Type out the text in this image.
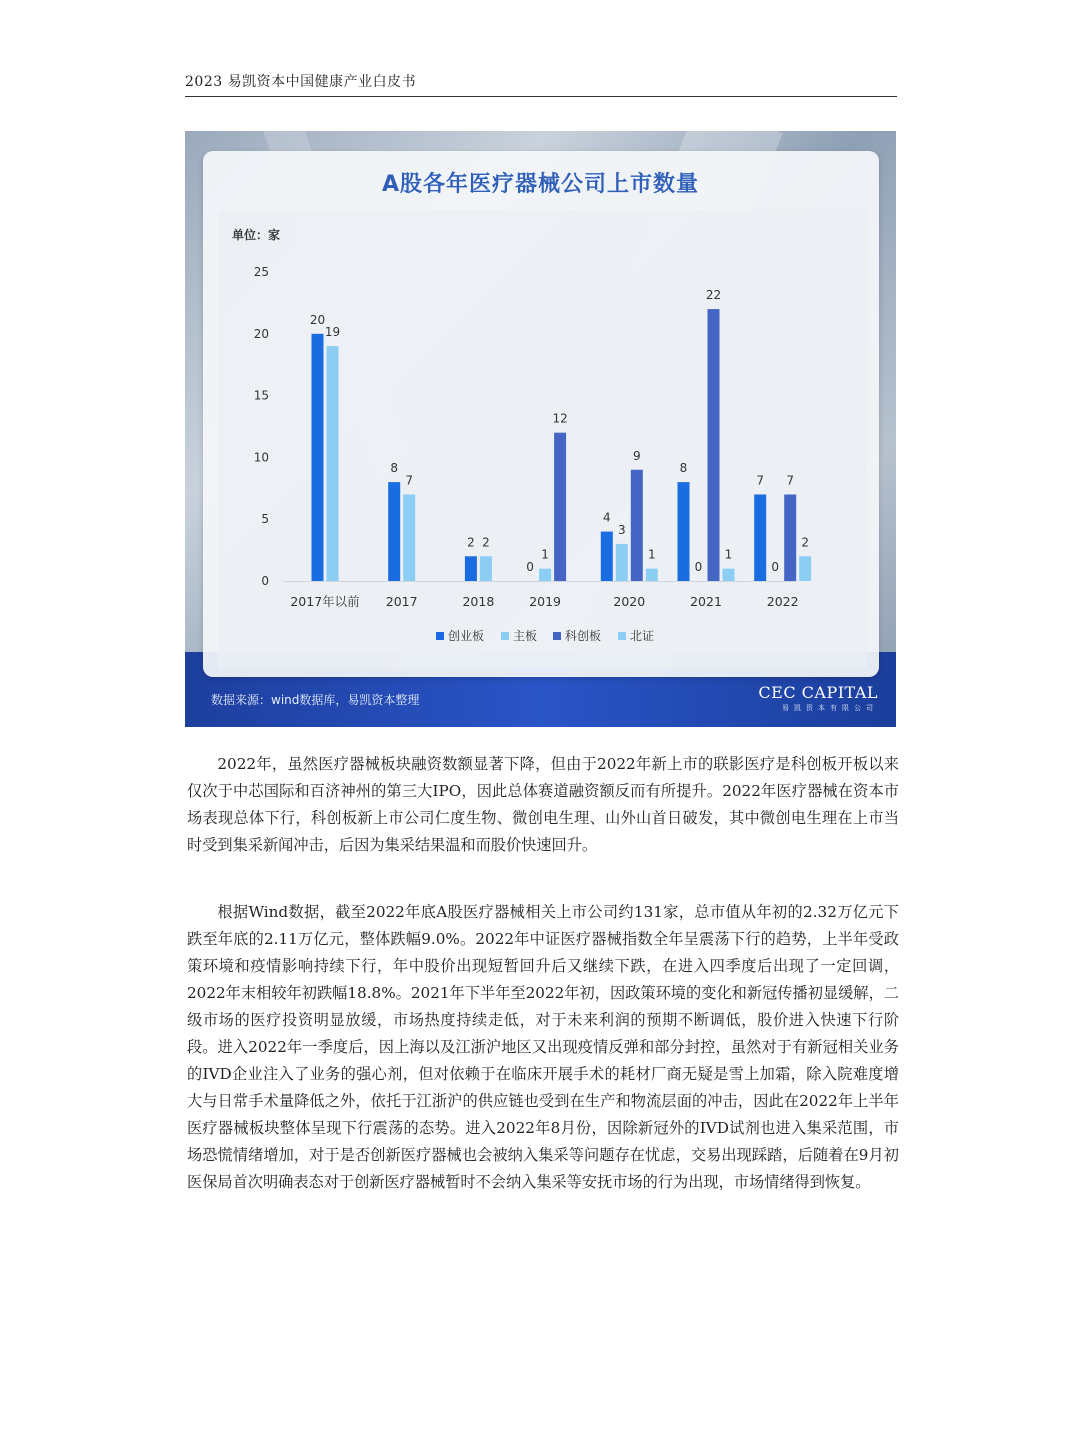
2023 易凯资本中国健康产业白皮书
A股各年医疗器械公司上市数量
单位：家
0
5
10
15
20
25
20
19
2017年以前
8
7
2017
2 2
2018
0
1
12
2019
4
3
9
1
2020
8
0
22
1
2021
7
0
7
2
2022
创业板 主板 科创板 北证
数据来源：wind数据库，易凯资本整理	CEC CAPITAL
易凯资本有限公司
2022年，虽然医疗器械板块融资数额显著下降，但由于2022年新上市的联影医疗是科创板开板以来仅次于中芯国际和百济神州的第三大IPO，因此总体赛道融资额反而有所提升。2022年医疗器械在资本市场表现总体下行，科创板新上市公司仁度生物、微创电生理、山外山首日破发，其中微创电生理在上市当时受到集采新闻冲击，后因为集采结果温和而股价快速回升。
根据Wind数据，截至2022年底A股医疗器械相关上市公司约131家，总市值从年初的2.32万亿元下跌至年底的2.11万亿元，整体跌幅9.0%。2022年中证医疗器械指数全年呈震荡下行的趋势，上半年受政策环境和疫情影响持续下行，年中股价出现短暂回升后又继续下跌，在进入四季度后出现了一定回调，2022年末相较年初跌幅18.8%。2021年下半年至2022年初，因政策环境的变化和新冠传播初显缓解，二级市场的医疗投资明显放缓，市场热度持续走低，对于未来利润的预期不断调低，股价进入快速下行阶段。进入2022年一季度后，因上海以及江浙沪地区又出现疫情反弹和部分封控，虽然对于有新冠相关业务的IVD企业注入了业务的强心剂，但对依赖于在临床开展手术的耗材厂商无疑是雪上加霜，除入院难度增大与日常手术量降低之外，依托于江浙沪的供应链也受到在生产和物流层面的冲击，因此在2022年上半年医疗器械板块整体呈现下行震荡的态势。进入2022年8月份，因除新冠外的IVD试剂也进入集采范围，市场恐慌情绪增加，对于是否创新医疗器械也会被纳入集采等问题存在忧虑，交易出现踩踏，后随着在9月初医保局首次明确表态对于创新医疗器械暂时不会纳入集采等安抚市场的行为出现，市场情绪得到恢复。
